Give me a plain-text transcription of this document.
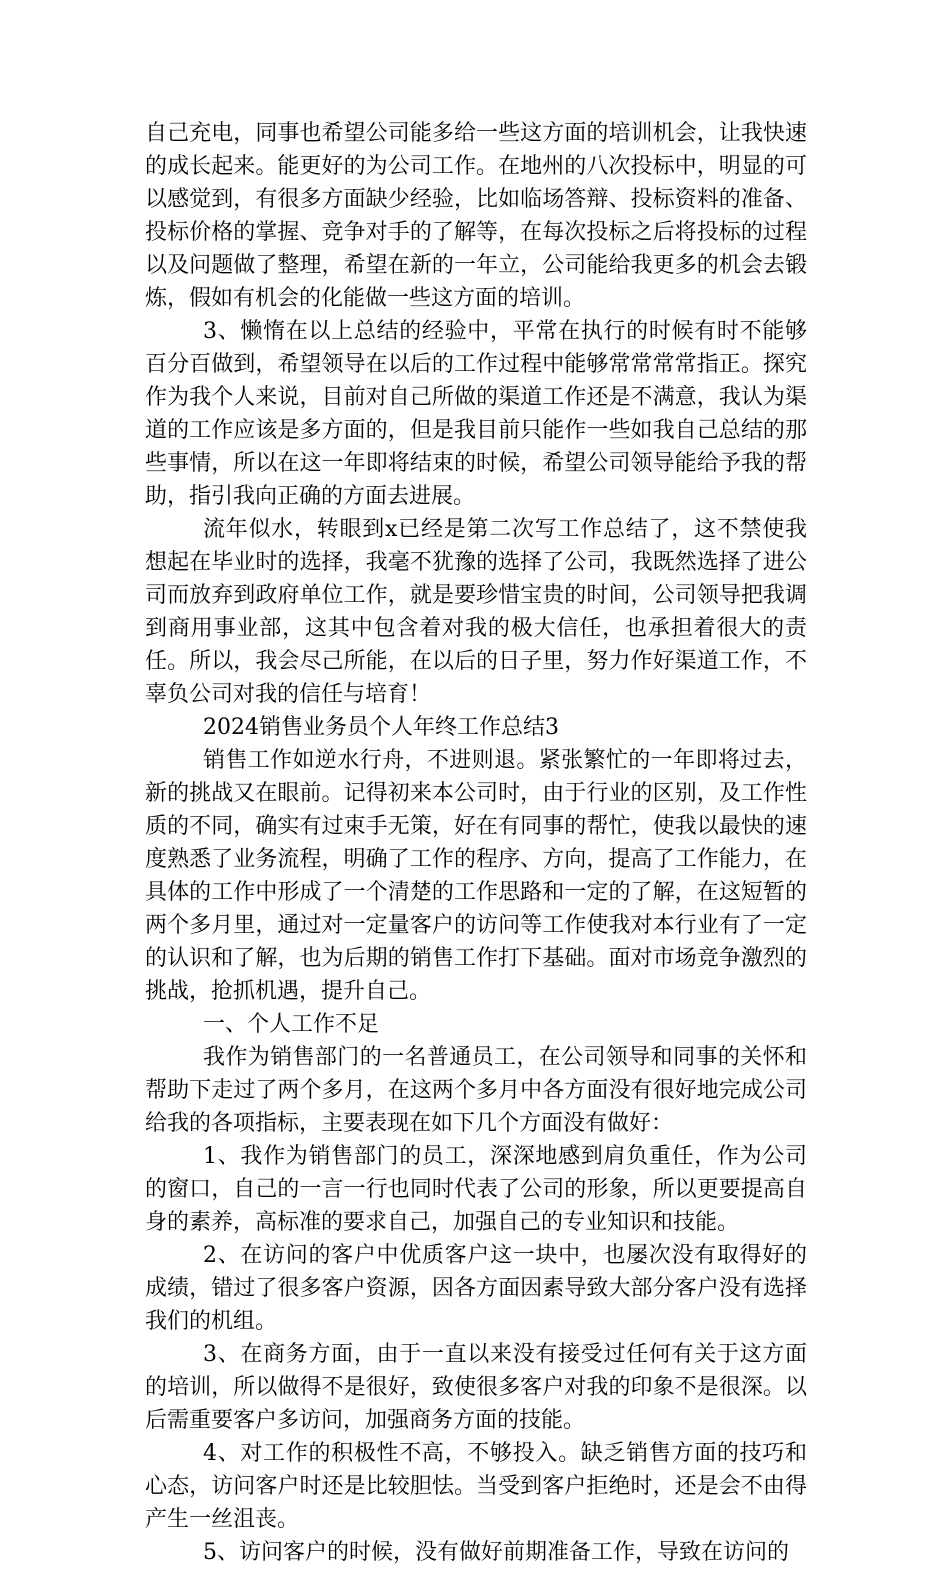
自己充电，同事也希望公司能多给一些这方面的培训机会，让我快速的成长起来。能更好的为公司工作。在地州的八次投标中，明显的可以感觉到，有很多方面缺少经验，比如临场答辩、投标资料的准备、投标价格的掌握、竞争对手的了解等，在每次投标之后将投标的过程以及问题做了整理，希望在新的一年立，公司能给我更多的机会去锻炼，假如有机会的化能做一些这方面的培训。

3、懒惰在以上总结的经验中，平常在执行的时候有时不能够百分百做到，希望领导在以后的工作过程中能够常常常常指正。探究作为我个人来说，目前对自己所做的渠道工作还是不满意，我认为渠道的工作应该是多方面的，但是我目前只能作一些如我自己总结的那些事情，所以在这一年即将结束的时候，希望公司领导能给予我的帮助，指引我向正确的方面去进展。

流年似水，转眼到x已经是第二次写工作总结了，这不禁使我想起在毕业时的选择，我毫不犹豫的选择了公司，我既然选择了进公司而放弃到政府单位工作，就是要珍惜宝贵的时间，公司领导把我调到商用事业部，这其中包含着对我的极大信任，也承担着很大的责任。所以，我会尽己所能，在以后的日子里，努力作好渠道工作，不辜负公司对我的信任与培育！

2024销售业务员个人年终工作总结3

销售工作如逆水行舟，不进则退。紧张繁忙的一年即将过去，新的挑战又在眼前。记得初来本公司时，由于行业的区别，及工作性质的不同，确实有过束手无策，好在有同事的帮忙，使我以最快的速度熟悉了业务流程，明确了工作的程序、方向，提高了工作能力，在具体的工作中形成了一个清楚的工作思路和一定的了解，在这短暂的两个多月里，通过对一定量客户的访问等工作使我对本行业有了一定的认识和了解，也为后期的销售工作打下基础。面对市场竞争激烈的挑战，抢抓机遇，提升自己。

一、个人工作不足

我作为销售部门的一名普通员工，在公司领导和同事的关怀和帮助下走过了两个多月，在这两个多月中各方面没有很好地完成公司给我的各项指标，主要表现在如下几个方面没有做好：

1、我作为销售部门的员工，深深地感到肩负重任，作为公司的窗口，自己的一言一行也同时代表了公司的形象，所以更要提高自身的素养，高标准的要求自己，加强自己的专业知识和技能。

2、在访问的客户中优质客户这一块中，也屡次没有取得好的成绩，错过了很多客户资源，因各方面因素导致大部分客户没有选择我们的机组。

3、在商务方面，由于一直以来没有接受过任何有关于这方面的培训，所以做得不是很好，致使很多客户对我的印象不是很深。以后需重要客户多访问，加强商务方面的技能。

4、对工作的积极性不高，不够投入。缺乏销售方面的技巧和心态，访问客户时还是比较胆怯。当受到客户拒绝时，还是会不由得产生一丝沮丧。

5、访问客户的时候，没有做好前期准备工作，导致在访问的
